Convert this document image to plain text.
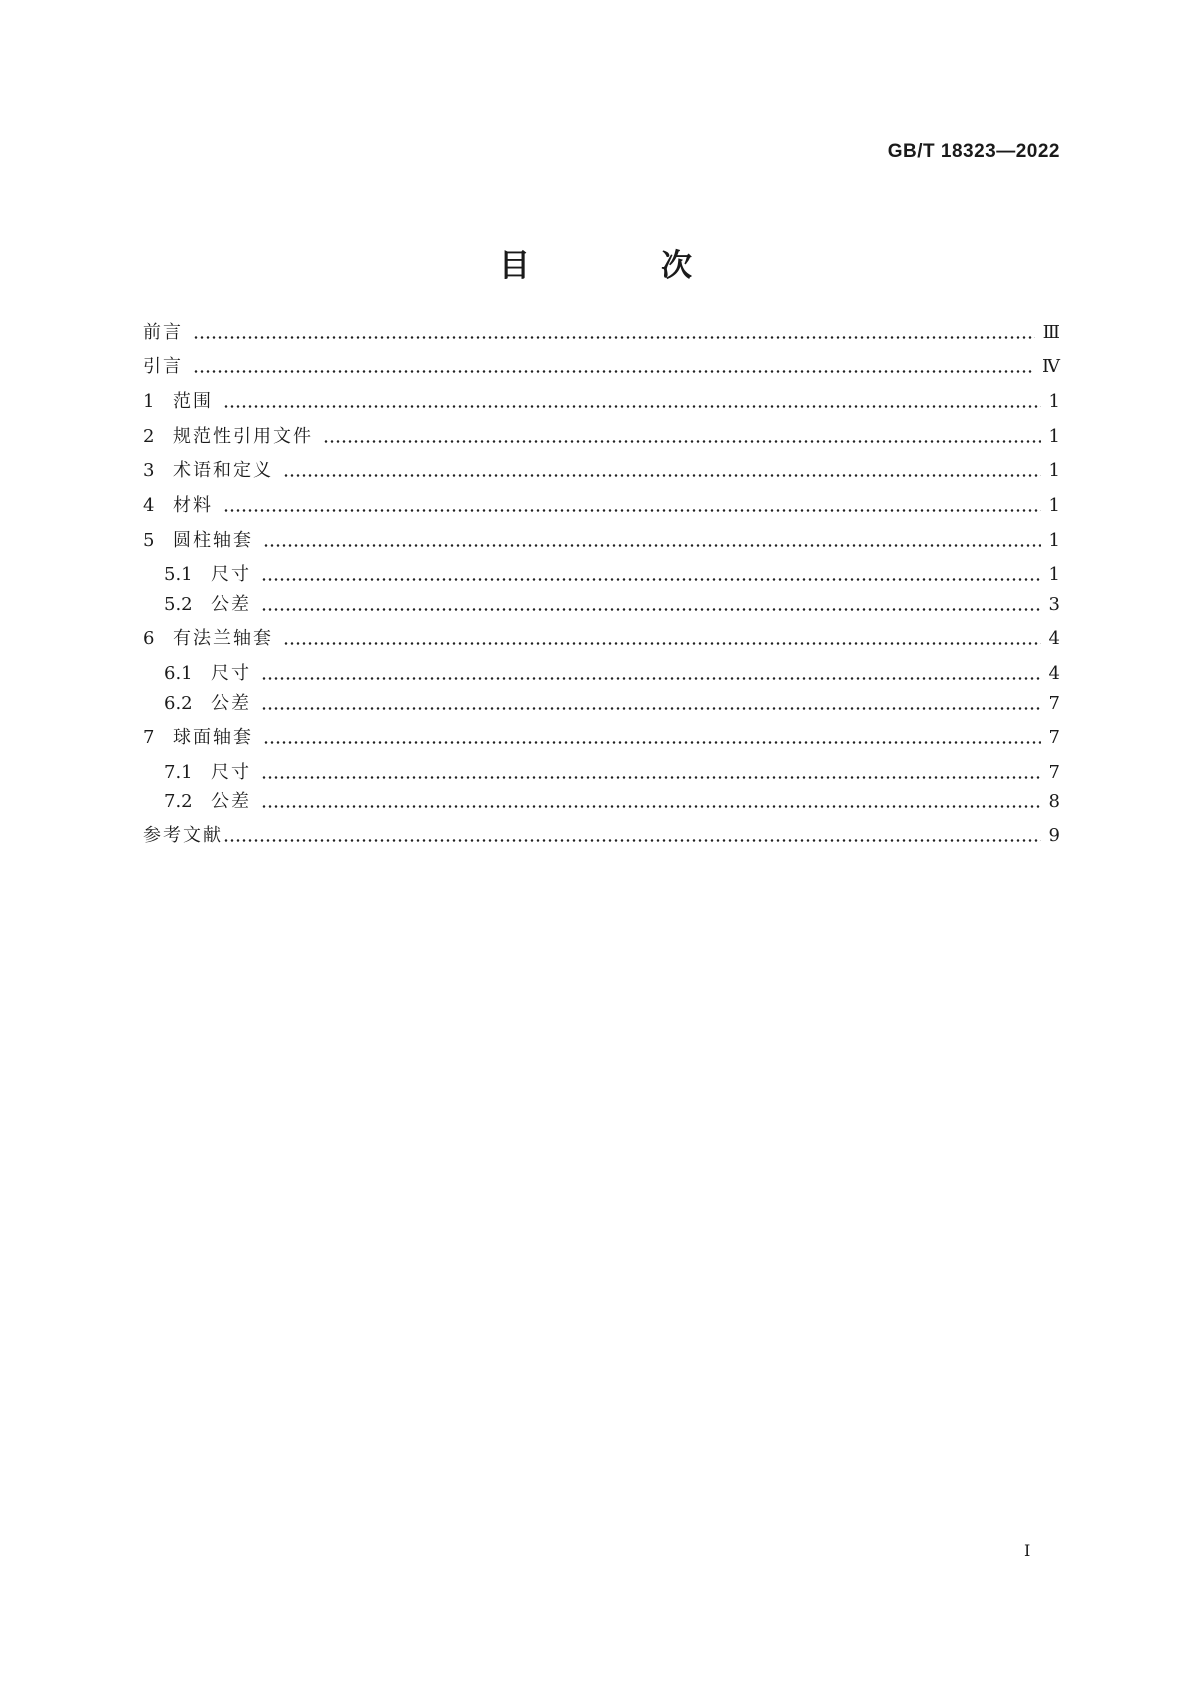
GB/T 18323—2022
目　次
前言	Ⅲ
引言	Ⅳ
1	范围	1
2	规范性引用文件	1
3	术语和定义	1
4	材料	1
5	圆柱轴套	1
5.1	尺寸	1
5.2	公差	3
6	有法兰轴套	4
6.1	尺寸	4
6.2	公差	7
7	球面轴套	7
7.1	尺寸	7
7.2	公差	8
参考文献	9
I
